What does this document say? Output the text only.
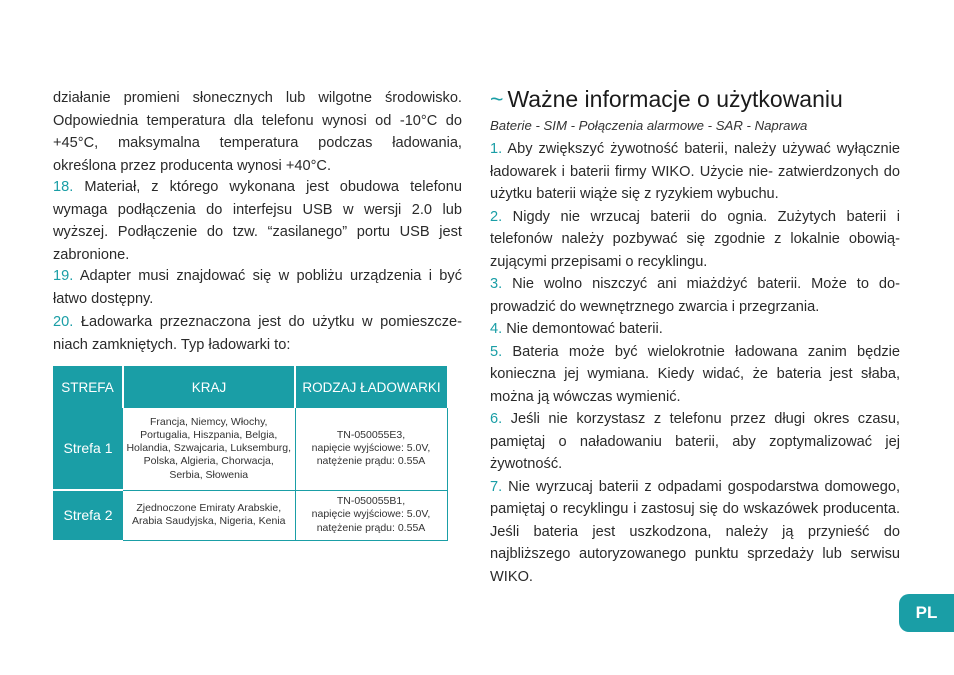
działanie promieni słonecznych lub wilgotne środowisko. Odpowiednia temperatura dla telefonu wynosi od -10°C do +45°C, maksymalna temperatura podczas ładowania, określona przez producenta wynosi +40°C.

18. Materiał, z którego wykonana jest obudowa telefonu wymaga podłączenia do interfejsu USB w wersji 2.0 lub wyższej. Podłączenie do tzw. “zasilanego” portu USB jest zabronione.

19. Adapter musi znajdować się w pobliżu urządzenia i być łatwo dostępny.

20. Ładowarka przeznaczona jest do użytku w pomieszcze- niach zamkniętych. Typ ładowarki to:

STREFA	KRAJ	RODZAJ ŁADOWARKI
Strefa 1	Francja, Niemcy, Włochy, Portugalia, Hiszpania, Belgia, Holandia, Szwajcaria, Luksemburg, Polska, Algieria, Chorwacja, Serbia, Słowenia	TN-050055E3,
napięcie wyjściowe: 5.0V,
natężenie prądu: 0.55A

Strefa 2	Zjednoczone Emiraty Arabskie, Arabia Saudyjska, Nigeria, Kenia	TN-050055B1,
napięcie wyjściowe: 5.0V,
natężenie prądu: 0.55A
~ Ważne informacje o użytkowaniu

Baterie - SIM - Połączenia alarmowe - SAR - Naprawa

1. Aby zwiększyć żywotność baterii, należy używać wyłącznie ładowarek i baterii firmy WIKO. Użycie nie- zatwierdzonych do użytku baterii wiąże się z ryzykiem wybuchu.

2. Nigdy nie wrzucaj baterii do ognia. Zużytych baterii i telefonów należy pozbywać się zgodnie z lokalnie obowią- zującymi przepisami o recyklingu.

3. Nie wolno niszczyć ani miażdżyć baterii. Może to do- prowadzić do wewnętrznego zwarcia i przegrzania.

4. Nie demontować baterii.

5. Bateria może być wielokrotnie ładowana zanim będzie konieczna jej wymiana. Kiedy widać, że bateria jest słaba, można ją wówczas wymienić.

6. Jeśli nie korzystasz z telefonu przez długi okres czasu, pamiętaj o naładowaniu baterii, aby zoptymalizować jej żywotność.

7. Nie wyrzucaj baterii z odpadami gospodarstwa domowego, pamiętaj o recyklingu i zastosuj się do wskazówek producenta. Jeśli bateria jest uszkodzona, należy ją przynieść do najbliższego autoryzowanego punktu sprzedaży lub serwisu WIKO.

PL
